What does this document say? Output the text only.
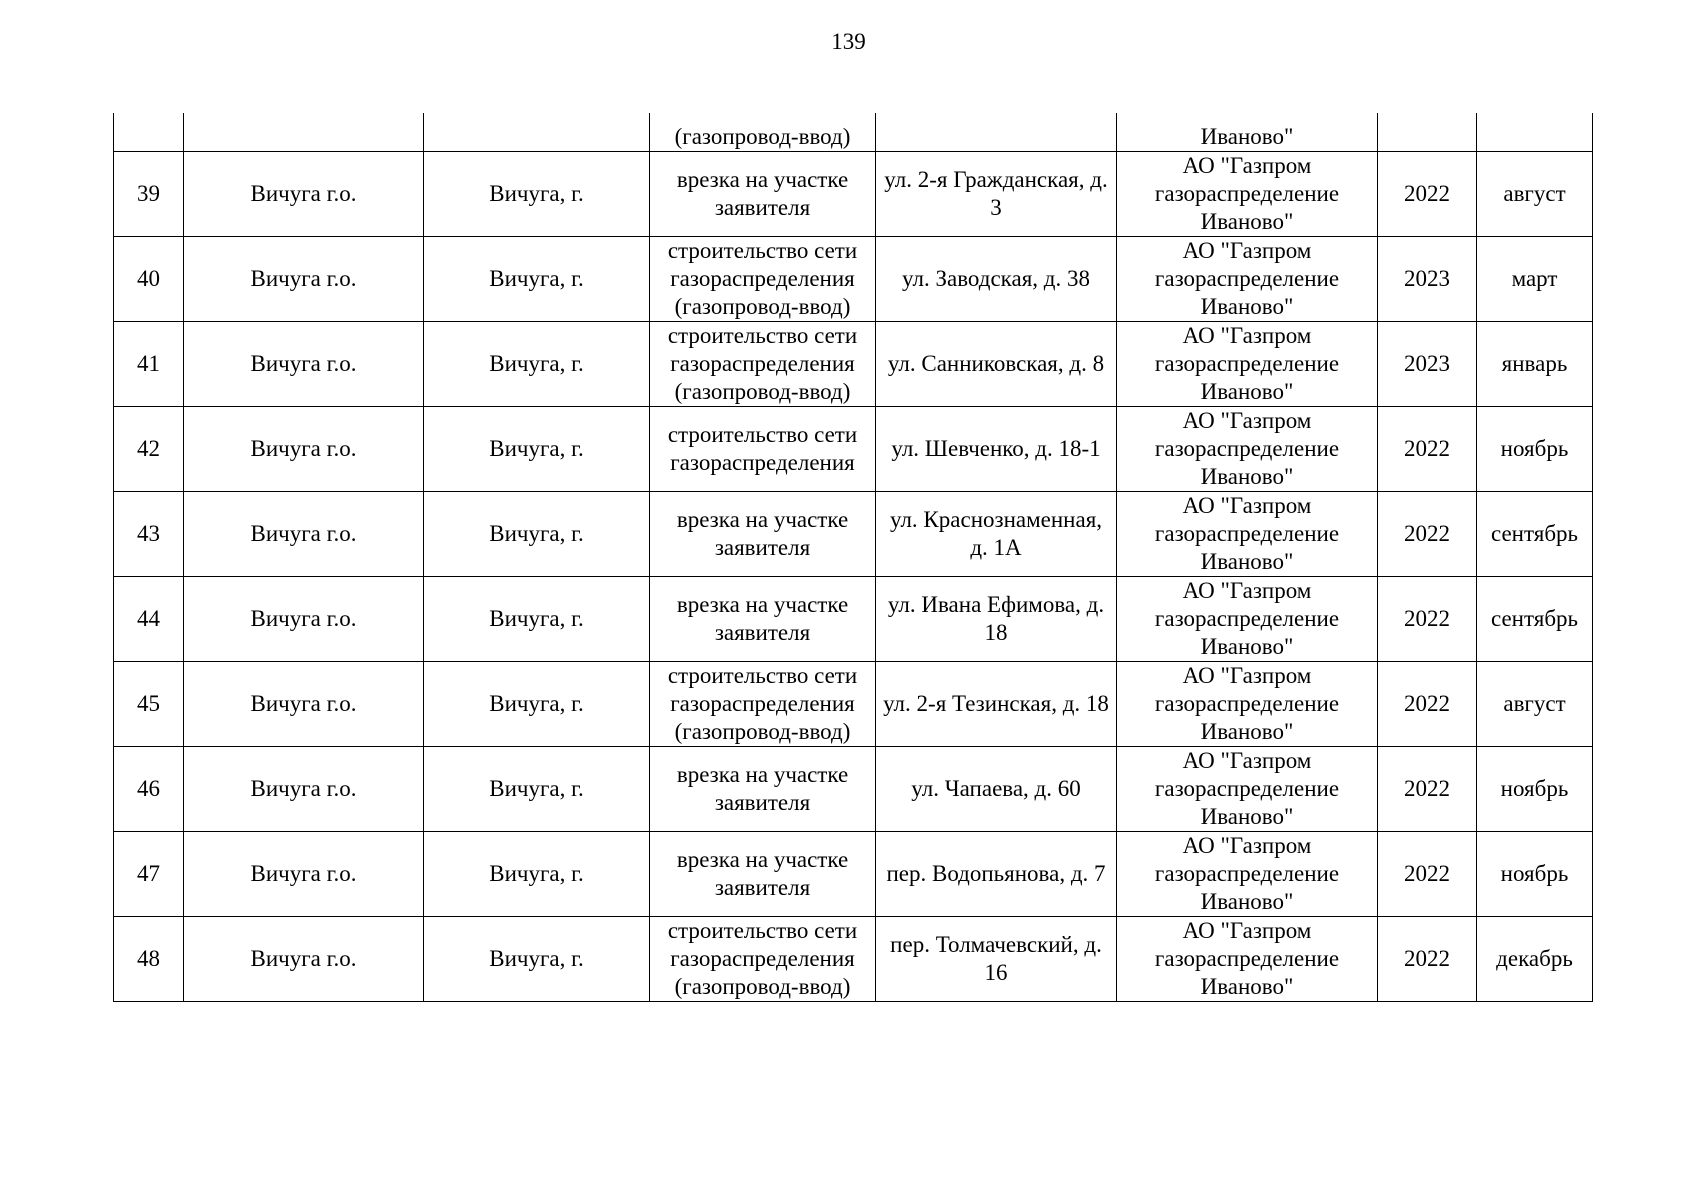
139
			(газопровод-ввод)		Иваново"		
39	Вичуга г.о.	Вичуга, г.	врезка на участке заявителя	ул. 2-я Гражданская, д. 3	АО "Газпром газораспределение Иваново"	2022	август
40	Вичуга г.о.	Вичуга, г.	строительство сети газораспределения (газопровод-ввод)	ул. Заводская, д. 38	АО "Газпром газораспределение Иваново"	2023	март
41	Вичуга г.о.	Вичуга, г.	строительство сети газораспределения (газопровод-ввод)	ул. Санниковская, д. 8	АО "Газпром газораспределение Иваново"	2023	январь
42	Вичуга г.о.	Вичуга, г.	строительство сети газораспределения	ул. Шевченко, д. 18-1	АО "Газпром газораспределение Иваново"	2022	ноябрь
43	Вичуга г.о.	Вичуга, г.	врезка на участке заявителя	ул. Краснознаменная, д. 1А	АО "Газпром газораспределение Иваново"	2022	сентябрь
44	Вичуга г.о.	Вичуга, г.	врезка на участке заявителя	ул. Ивана Ефимова, д. 18	АО "Газпром газораспределение Иваново"	2022	сентябрь
45	Вичуга г.о.	Вичуга, г.	строительство сети газораспределения (газопровод-ввод)	ул. 2-я Тезинская, д. 18	АО "Газпром газораспределение Иваново"	2022	август
46	Вичуга г.о.	Вичуга, г.	врезка на участке заявителя	ул. Чапаева, д. 60	АО "Газпром газораспределение Иваново"	2022	ноябрь
47	Вичуга г.о.	Вичуга, г.	врезка на участке заявителя	пер. Водопьянова, д. 7	АО "Газпром газораспределение Иваново"	2022	ноябрь
48	Вичуга г.о.	Вичуга, г.	строительство сети газораспределения (газопровод-ввод)	пер. Толмачевский, д. 16	АО "Газпром газораспределение Иваново"	2022	декабрь
